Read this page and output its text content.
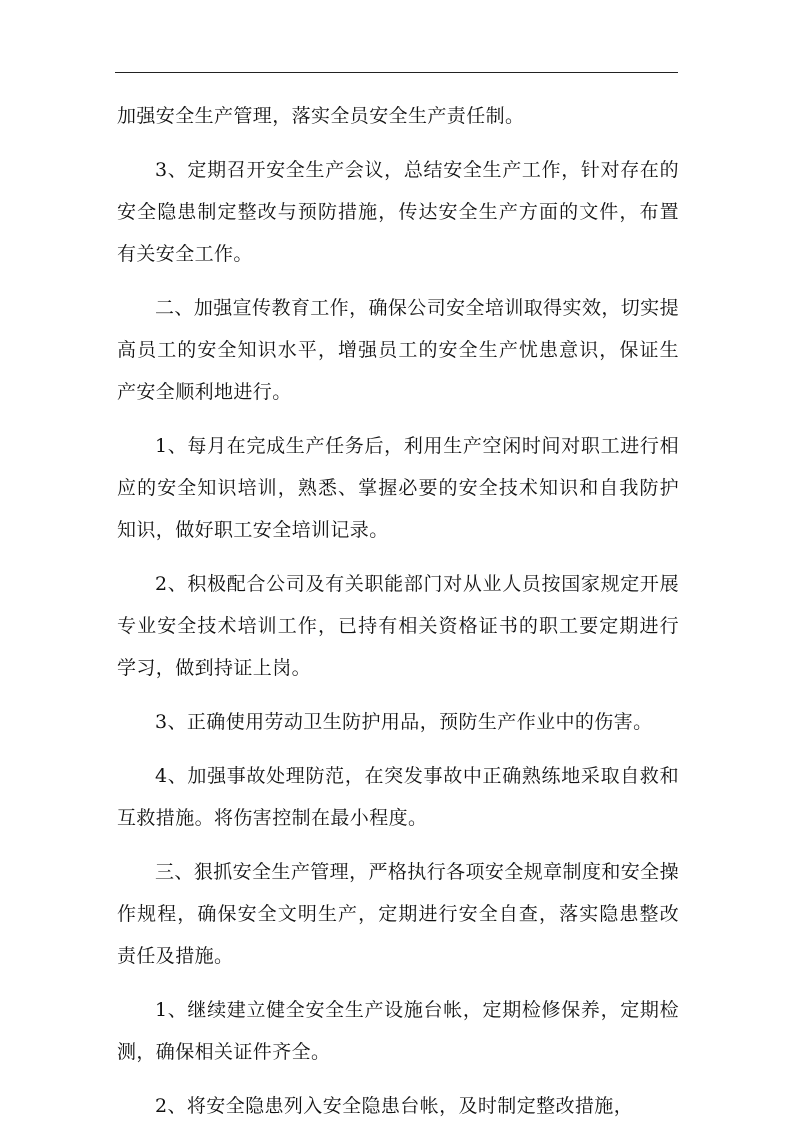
加强安全生产管理，落实全员安全生产责任制。

3、定期召开安全生产会议，总结安全生产工作，针对存在的安全隐患制定整改与预防措施，传达安全生产方面的文件，布置有关安全工作。

二、加强宣传教育工作，确保公司安全培训取得实效，切实提高员工的安全知识水平，增强员工的安全生产忧患意识，保证生产安全顺利地进行。

1、每月在完成生产任务后，利用生产空闲时间对职工进行相应的安全知识培训，熟悉、掌握必要的安全技术知识和自我防护知识，做好职工安全培训记录。

2、积极配合公司及有关职能部门对从业人员按国家规定开展专业安全技术培训工作，已持有相关资格证书的职工要定期进行学习，做到持证上岗。

3、正确使用劳动卫生防护用品，预防生产作业中的伤害。

4、加强事故处理防范，在突发事故中正确熟练地采取自救和互救措施。将伤害控制在最小程度。

三、狠抓安全生产管理，严格执行各项安全规章制度和安全操作规程，确保安全文明生产，定期进行安全自查，落实隐患整改责任及措施。

1、继续建立健全安全生产设施台帐，定期检修保养，定期检测，确保相关证件齐全。

2、将安全隐患列入安全隐患台帐，及时制定整改措施，
